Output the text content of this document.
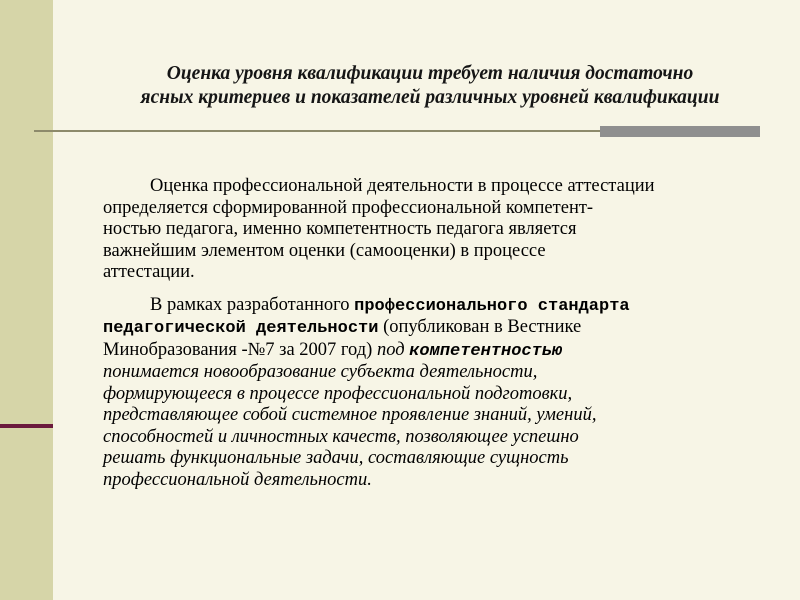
Оценка уровня квалификации требует наличия достаточно
ясных критериев и показателей различных уровней квалификации
Оценка профессиональной деятельности в процессе аттестации
определяется сформированной профессиональной компетент-
ностью педагога, именно компетентность педагога является
важнейшим элементом оценки (самооценки) в процессе
аттестации.
В рамках разработанного профессионального стандарта
педагогической деятельности (опубликован в Вестнике
Минобразования -№7 за 2007 год) под компетентностью
понимается новообразование субъекта деятельности,
формирующееся в процессе профессиональной подготовки,
представляющее собой системное проявление знаний, умений,
способностей и личностных качеств, позволяющее успешно
решать функциональные задачи, составляющие сущность
профессиональной деятельности.
